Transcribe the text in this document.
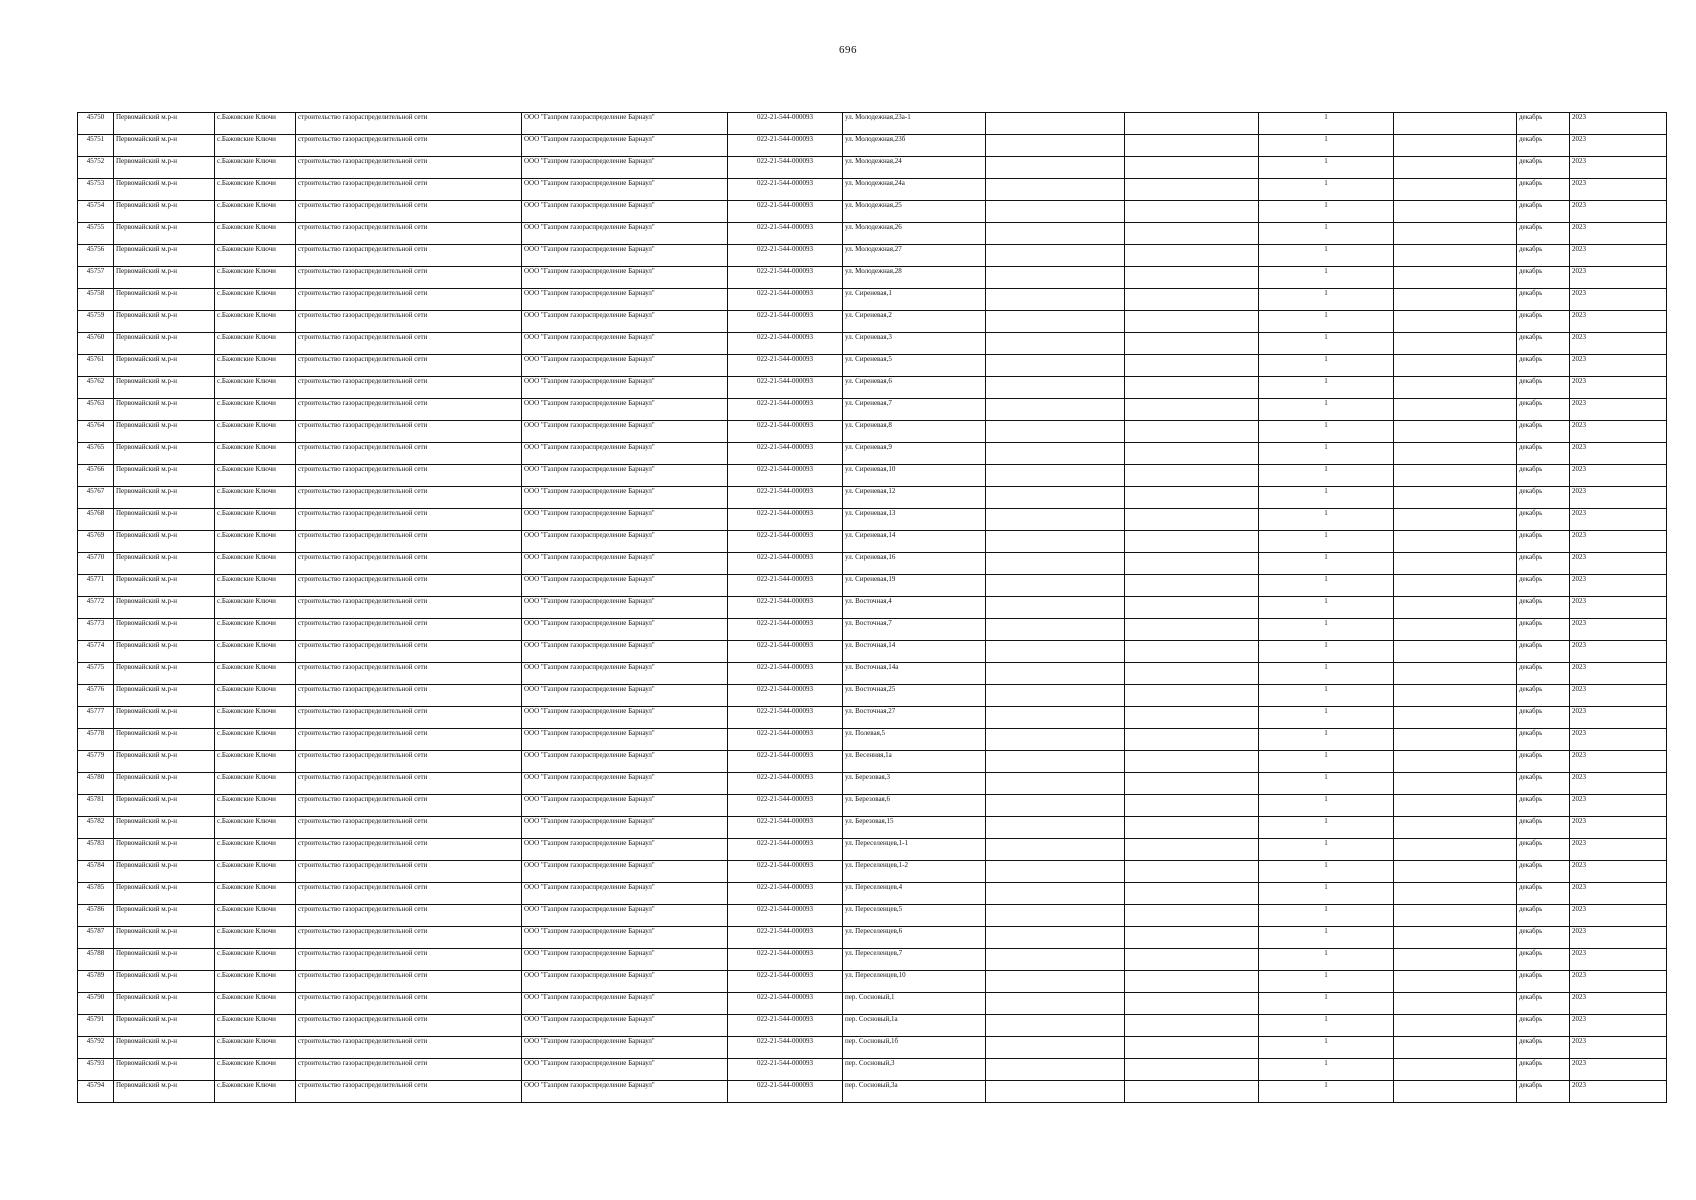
696
45750	Первомайский м.р-н	с.Бажовские Ключи	строительство газораспределительной сети	ООО "Газпром газораспределение Барнаул"	022-21-544-000093	ул. Молодежная,23а-1			1		декабрь	2023
45751	Первомайский м.р-н	с.Бажовские Ключи	строительство газораспределительной сети	ООО "Газпром газораспределение Барнаул"	022-21-544-000093	ул. Молодежная,23б			1		декабрь	2023
45752	Первомайский м.р-н	с.Бажовские Ключи	строительство газораспределительной сети	ООО "Газпром газораспределение Барнаул"	022-21-544-000093	ул. Молодежная,24			1		декабрь	2023
45753	Первомайский м.р-н	с.Бажовские Ключи	строительство газораспределительной сети	ООО "Газпром газораспределение Барнаул"	022-21-544-000093	ул. Молодежная,24а			1		декабрь	2023
45754	Первомайский м.р-н	с.Бажовские Ключи	строительство газораспределительной сети	ООО "Газпром газораспределение Барнаул"	022-21-544-000093	ул. Молодежная,25			1		декабрь	2023
45755	Первомайский м.р-н	с.Бажовские Ключи	строительство газораспределительной сети	ООО "Газпром газораспределение Барнаул"	022-21-544-000093	ул. Молодежная,26			1		декабрь	2023
45756	Первомайский м.р-н	с.Бажовские Ключи	строительство газораспределительной сети	ООО "Газпром газораспределение Барнаул"	022-21-544-000093	ул. Молодежная,27			1		декабрь	2023
45757	Первомайский м.р-н	с.Бажовские Ключи	строительство газораспределительной сети	ООО "Газпром газораспределение Барнаул"	022-21-544-000093	ул. Молодежная,28			1		декабрь	2023
45758	Первомайский м.р-н	с.Бажовские Ключи	строительство газораспределительной сети	ООО "Газпром газораспределение Барнаул"	022-21-544-000093	ул. Сиреневая,1			1		декабрь	2023
45759	Первомайский м.р-н	с.Бажовские Ключи	строительство газораспределительной сети	ООО "Газпром газораспределение Барнаул"	022-21-544-000093	ул. Сиреневая,2			1		декабрь	2023
45760	Первомайский м.р-н	с.Бажовские Ключи	строительство газораспределительной сети	ООО "Газпром газораспределение Барнаул"	022-21-544-000093	ул. Сиреневая,3			1		декабрь	2023
45761	Первомайский м.р-н	с.Бажовские Ключи	строительство газораспределительной сети	ООО "Газпром газораспределение Барнаул"	022-21-544-000093	ул. Сиреневая,5			1		декабрь	2023
45762	Первомайский м.р-н	с.Бажовские Ключи	строительство газораспределительной сети	ООО "Газпром газораспределение Барнаул"	022-21-544-000093	ул. Сиреневая,6			1		декабрь	2023
45763	Первомайский м.р-н	с.Бажовские Ключи	строительство газораспределительной сети	ООО "Газпром газораспределение Барнаул"	022-21-544-000093	ул. Сиреневая,7			1		декабрь	2023
45764	Первомайский м.р-н	с.Бажовские Ключи	строительство газораспределительной сети	ООО "Газпром газораспределение Барнаул"	022-21-544-000093	ул. Сиреневая,8			1		декабрь	2023
45765	Первомайский м.р-н	с.Бажовские Ключи	строительство газораспределительной сети	ООО "Газпром газораспределение Барнаул"	022-21-544-000093	ул. Сиреневая,9			1		декабрь	2023
45766	Первомайский м.р-н	с.Бажовские Ключи	строительство газораспределительной сети	ООО "Газпром газораспределение Барнаул"	022-21-544-000093	ул. Сиреневая,10			1		декабрь	2023
45767	Первомайский м.р-н	с.Бажовские Ключи	строительство газораспределительной сети	ООО "Газпром газораспределение Барнаул"	022-21-544-000093	ул. Сиреневая,12			1		декабрь	2023
45768	Первомайский м.р-н	с.Бажовские Ключи	строительство газораспределительной сети	ООО "Газпром газораспределение Барнаул"	022-21-544-000093	ул. Сиреневая,13			1		декабрь	2023
45769	Первомайский м.р-н	с.Бажовские Ключи	строительство газораспределительной сети	ООО "Газпром газораспределение Барнаул"	022-21-544-000093	ул. Сиреневая,14			1		декабрь	2023
45770	Первомайский м.р-н	с.Бажовские Ключи	строительство газораспределительной сети	ООО "Газпром газораспределение Барнаул"	022-21-544-000093	ул. Сиреневая,16			1		декабрь	2023
45771	Первомайский м.р-н	с.Бажовские Ключи	строительство газораспределительной сети	ООО "Газпром газораспределение Барнаул"	022-21-544-000093	ул. Сиреневая,19			1		декабрь	2023
45772	Первомайский м.р-н	с.Бажовские Ключи	строительство газораспределительной сети	ООО "Газпром газораспределение Барнаул"	022-21-544-000093	ул. Восточная,4			1		декабрь	2023
45773	Первомайский м.р-н	с.Бажовские Ключи	строительство газораспределительной сети	ООО "Газпром газораспределение Барнаул"	022-21-544-000093	ул. Восточная,7			1		декабрь	2023
45774	Первомайский м.р-н	с.Бажовские Ключи	строительство газораспределительной сети	ООО "Газпром газораспределение Барнаул"	022-21-544-000093	ул. Восточная,14			1		декабрь	2023
45775	Первомайский м.р-н	с.Бажовские Ключи	строительство газораспределительной сети	ООО "Газпром газораспределение Барнаул"	022-21-544-000093	ул. Восточная,14а			1		декабрь	2023
45776	Первомайский м.р-н	с.Бажовские Ключи	строительство газораспределительной сети	ООО "Газпром газораспределение Барнаул"	022-21-544-000093	ул. Восточная,25			1		декабрь	2023
45777	Первомайский м.р-н	с.Бажовские Ключи	строительство газораспределительной сети	ООО "Газпром газораспределение Барнаул"	022-21-544-000093	ул. Восточная,27			1		декабрь	2023
45778	Первомайский м.р-н	с.Бажовские Ключи	строительство газораспределительной сети	ООО "Газпром газораспределение Барнаул"	022-21-544-000093	ул. Полевая,5			1		декабрь	2023
45779	Первомайский м.р-н	с.Бажовские Ключи	строительство газораспределительной сети	ООО "Газпром газораспределение Барнаул"	022-21-544-000093	ул. Весенняя,1а			1		декабрь	2023
45780	Первомайский м.р-н	с.Бажовские Ключи	строительство газораспределительной сети	ООО "Газпром газораспределение Барнаул"	022-21-544-000093	ул. Березовая,3			1		декабрь	2023
45781	Первомайский м.р-н	с.Бажовские Ключи	строительство газораспределительной сети	ООО "Газпром газораспределение Барнаул"	022-21-544-000093	ул. Березовая,6			1		декабрь	2023
45782	Первомайский м.р-н	с.Бажовские Ключи	строительство газораспределительной сети	ООО "Газпром газораспределение Барнаул"	022-21-544-000093	ул. Березовая,15			1		декабрь	2023
45783	Первомайский м.р-н	с.Бажовские Ключи	строительство газораспределительной сети	ООО "Газпром газораспределение Барнаул"	022-21-544-000093	ул. Переселенцев,1-1			1		декабрь	2023
45784	Первомайский м.р-н	с.Бажовские Ключи	строительство газораспределительной сети	ООО "Газпром газораспределение Барнаул"	022-21-544-000093	ул. Переселенцев,1-2			1		декабрь	2023
45785	Первомайский м.р-н	с.Бажовские Ключи	строительство газораспределительной сети	ООО "Газпром газораспределение Барнаул"	022-21-544-000093	ул. Переселенцев,4			1		декабрь	2023
45786	Первомайский м.р-н	с.Бажовские Ключи	строительство газораспределительной сети	ООО "Газпром газораспределение Барнаул"	022-21-544-000093	ул. Переселенцев,5			1		декабрь	2023
45787	Первомайский м.р-н	с.Бажовские Ключи	строительство газораспределительной сети	ООО "Газпром газораспределение Барнаул"	022-21-544-000093	ул. Переселенцев,6			1		декабрь	2023
45788	Первомайский м.р-н	с.Бажовские Ключи	строительство газораспределительной сети	ООО "Газпром газораспределение Барнаул"	022-21-544-000093	ул. Переселенцев,7			1		декабрь	2023
45789	Первомайский м.р-н	с.Бажовские Ключи	строительство газораспределительной сети	ООО "Газпром газораспределение Барнаул"	022-21-544-000093	ул. Переселенцев,10			1		декабрь	2023
45790	Первомайский м.р-н	с.Бажовские Ключи	строительство газораспределительной сети	ООО "Газпром газораспределение Барнаул"	022-21-544-000093	пер. Сосновый,1			1		декабрь	2023
45791	Первомайский м.р-н	с.Бажовские Ключи	строительство газораспределительной сети	ООО "Газпром газораспределение Барнаул"	022-21-544-000093	пер. Сосновый,1а			1		декабрь	2023
45792	Первомайский м.р-н	с.Бажовские Ключи	строительство газораспределительной сети	ООО "Газпром газораспределение Барнаул"	022-21-544-000093	пер. Сосновый,1б			1		декабрь	2023
45793	Первомайский м.р-н	с.Бажовские Ключи	строительство газораспределительной сети	ООО "Газпром газораспределение Барнаул"	022-21-544-000093	пер. Сосновый,3			1		декабрь	2023
45794	Первомайский м.р-н	с.Бажовские Ключи	строительство газораспределительной сети	ООО "Газпром газораспределение Барнаул"	022-21-544-000093	пер. Сосновый,3а			1		декабрь	2023
